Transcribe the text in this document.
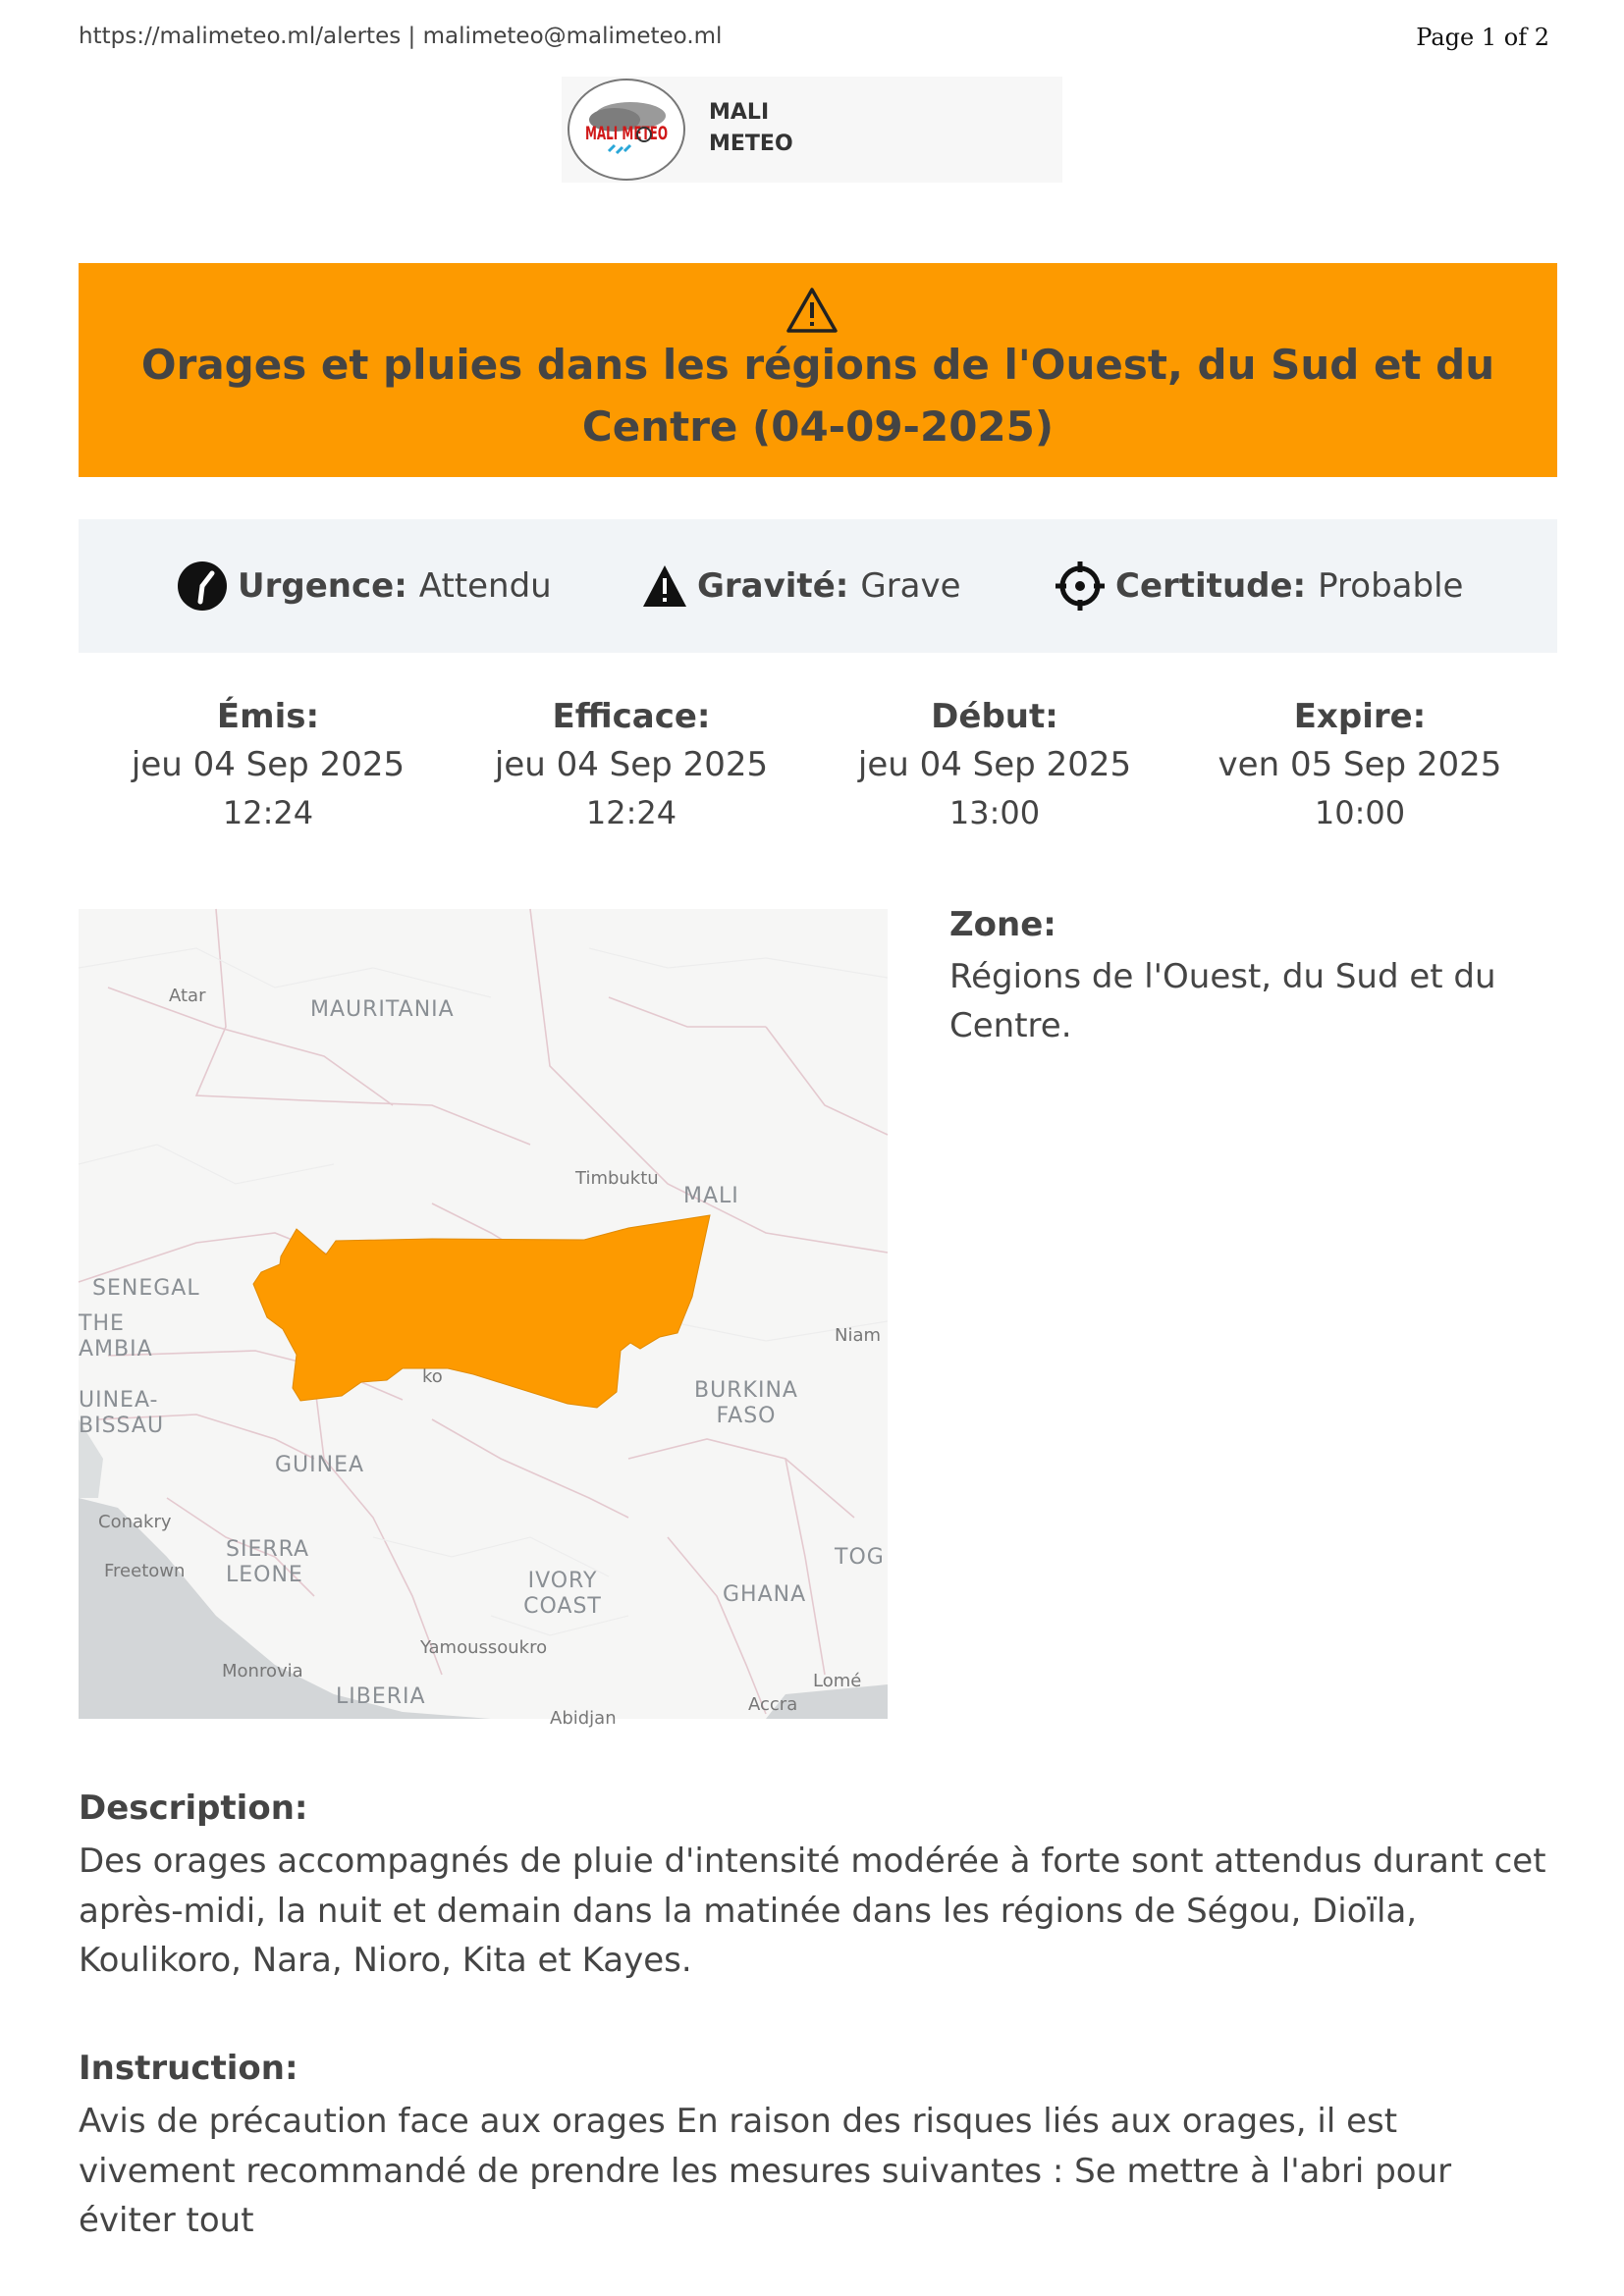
https://malimeteo.ml/alertes | malimeteo@malimeteo.ml	Page 1 of 2
MALI METEO
MALI
METEO
Orages et pluies dans les régions de l'Ouest, du Sud et du Centre (04-09-2025)
Urgence: Attendu	Gravité: Grave	Certitude: Probable
Émis:
jeu 04 Sep 2025
12:24
Efficace:
jeu 04 Sep 2025
12:24
Début:
jeu 04 Sep 2025
13:00
Expire:
ven 05 Sep 2025
10:00
Atar
MAURITANIA
Timbuktu
MALI
SENEGAL
THE AMBIA
UINEA- BISSAU
GUINEA
Conakry
Freetown
SIERRA LEONE	IVORY COAST
Yamoussoukro
Monrovia
LIBERIA
BURKINA FASO
Niam
GHANA
TOG
Lomé
Accra
Abidjan
ko
Zone:
Régions de l'Ouest, du Sud et du Centre.
Description:
Des orages accompagnés de pluie d'intensité modérée à forte sont attendus durant cet après-midi, la nuit et demain dans la matinée dans les régions de Ségou, Dioïla, Koulikoro, Nara, Nioro, Kita et Kayes.
Instruction:
Avis de précaution face aux orages En raison des risques liés aux orages, il est vivement recommandé de prendre les mesures suivantes : Se mettre à l'abri pour éviter tout
